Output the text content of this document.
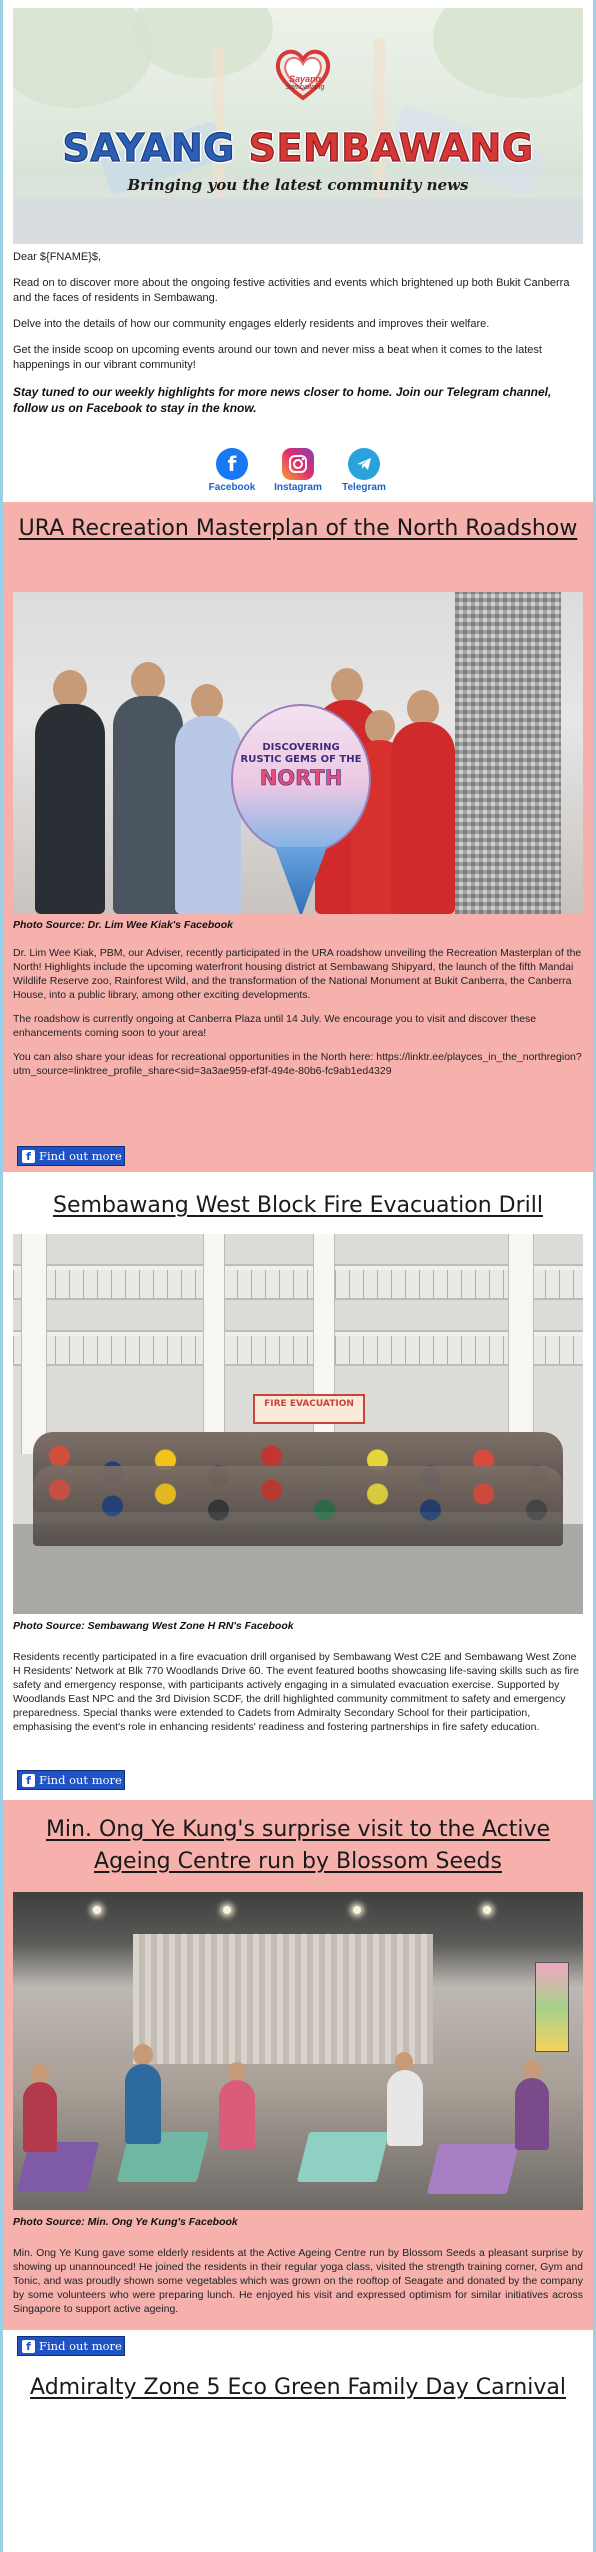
Sayang
Sembawang
SAYANG SEMBAWANG
Bringing you the latest community news

Dear ${FNAME}$,

Read on to discover more about the ongoing festive activities and events which brightened up both Bukit Canberra and the faces of residents in Sembawang.

Delve into the details of how our community engages elderly residents and improves their welfare.

Get the inside scoop on upcoming events around our town and never miss a beat when it comes to the latest happenings in our vibrant community!

Stay tuned to our weekly highlights for more news closer to home. Join our Telegram channel, follow us on Facebook to stay in the know.

f
Facebook	Instagram	Telegram
URA Recreation Masterplan of the North Roadshow
DISCOVERING
RUSTIC GEMS OF THE
NORTH
Photo Source: Dr. Lim Wee Kiak's Facebook

Dr. Lim Wee Kiak, PBM, our Adviser, recently participated in the URA roadshow unveiling the Recreation Masterplan of the North! Highlights include the upcoming waterfront housing district at Sembawang Shipyard, the launch of the fifth Mandai Wildlife Reserve zoo, Rainforest Wild, and the transformation of the National Monument at Bukit Canberra, the Canberra House, into a public library, among other exciting developments.

The roadshow is currently ongoing at Canberra Plaza until 14 July. We encourage you to visit and discover these enhancements coming soon to your area!

You can also share your ideas for recreational opportunities in the North here: https://linktr.ee/playces_in_the_northregion?utm_source=linktree_profile_share<sid=3a3ae959-ef3f-494e-80b6-fc9ab1ed4329

f Find out more
Sembawang West Block Fire Evacuation Drill
FIRE EVACUATION
Photo Source: Sembawang West Zone H RN's Facebook

Residents recently participated in a fire evacuation drill organised by Sembawang West C2E and Sembawang West Zone H Residents' Network at Blk 770 Woodlands Drive 60. The event featured booths showcasing life-saving skills such as fire safety and emergency response, with participants actively engaging in a simulated evacuation exercise. Supported by Woodlands East NPC and the 3rd Division SCDF, the drill highlighted community commitment to safety and emergency preparedness. Special thanks were extended to Cadets from Admiralty Secondary School for their participation, emphasising the event's role in enhancing residents' readiness and fostering partnerships in fire safety education.

f Find out more
Min. Ong Ye Kung's surprise visit to the Active Ageing Centre run by Blossom Seeds
Photo Source: Min. Ong Ye Kung's Facebook

Min. Ong Ye Kung gave some elderly residents at the Active Ageing Centre run by Blossom Seeds a pleasant surprise by showing up unannounced! He joined the residents in their regular yoga class, visited the strength training corner, Gym and Tonic, and was proudly shown some vegetables which was grown on the rooftop of Seagate and donated by the company by some volunteers who were preparing lunch. He enjoyed his visit and expressed optimism for similar initiatives across Singapore to support active ageing.

f Find out more
Admiralty Zone 5 Eco Green Family Day Carnival
